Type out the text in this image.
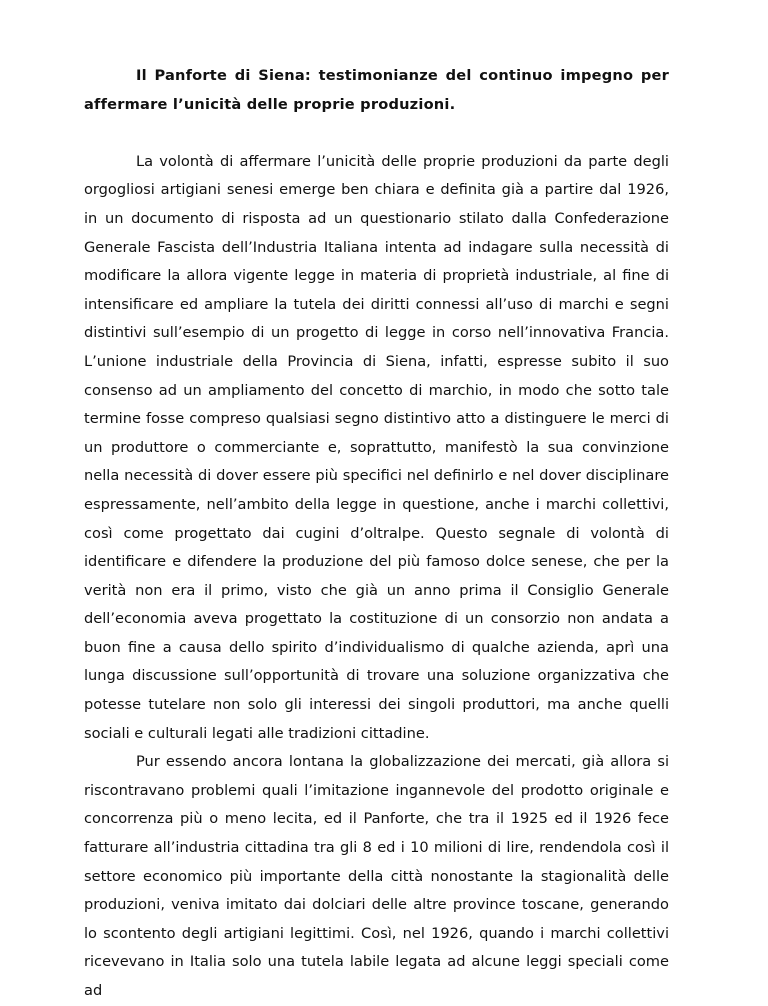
Il Panforte di Siena: testimonianze del continuo impegno per affermare l’unicità delle proprie produzioni.

La volontà di affermare l’unicità delle proprie produzioni da parte degli orgogliosi artigiani senesi emerge ben chiara e definita già a partire dal 1926, in un documento di risposta ad un questionario stilato dalla Confederazione Generale Fascista dell’Industria Italiana intenta ad indagare sulla necessità di modificare la allora vigente legge in materia di proprietà industriale, al fine di intensificare ed ampliare la tutela dei diritti connessi all’uso di marchi e segni distintivi sull’esempio di un progetto di legge in corso nell’innovativa Francia. L’unione industriale della Provincia di Siena, infatti, espresse subito il suo consenso ad un ampliamento del concetto di marchio, in modo che sotto tale termine fosse compreso qualsiasi segno distintivo atto a distinguere le merci di un produttore o commerciante e, soprattutto, manifestò la sua convinzione nella necessità di dover essere più specifici nel definirlo e nel dover disciplinare espressamente, nell’ambito della legge in questione, anche i marchi collettivi, così come progettato dai cugini d’oltralpe. Questo segnale di volontà di identificare e difendere la produzione del più famoso dolce senese, che per la verità non era il primo, visto che già un anno prima il Consiglio Generale dell’economia aveva progettato la costituzione di un consorzio non andata a buon fine a causa dello spirito d’individualismo di qualche azienda, aprì una lunga discussione sull’opportunità di trovare una soluzione organizzativa che potesse tutelare non solo gli interessi dei singoli produttori, ma anche quelli sociali e culturali legati alle tradizioni cittadine.

Pur essendo ancora lontana la globalizzazione dei mercati, già allora si riscontravano problemi quali l’imitazione ingannevole del prodotto originale e concorrenza più o meno lecita, ed il Panforte, che tra il 1925 ed il 1926 fece fatturare all’industria cittadina tra gli 8 ed i 10 milioni di lire, rendendola così il settore economico più importante della città nonostante la stagionalità delle produzioni, veniva imitato dai dolciari delle altre province toscane, generando lo scontento degli artigiani legittimi. Così, nel 1926, quando i marchi collettivi ricevevano in Italia solo una tutela labile legata ad alcune leggi speciali come ad
